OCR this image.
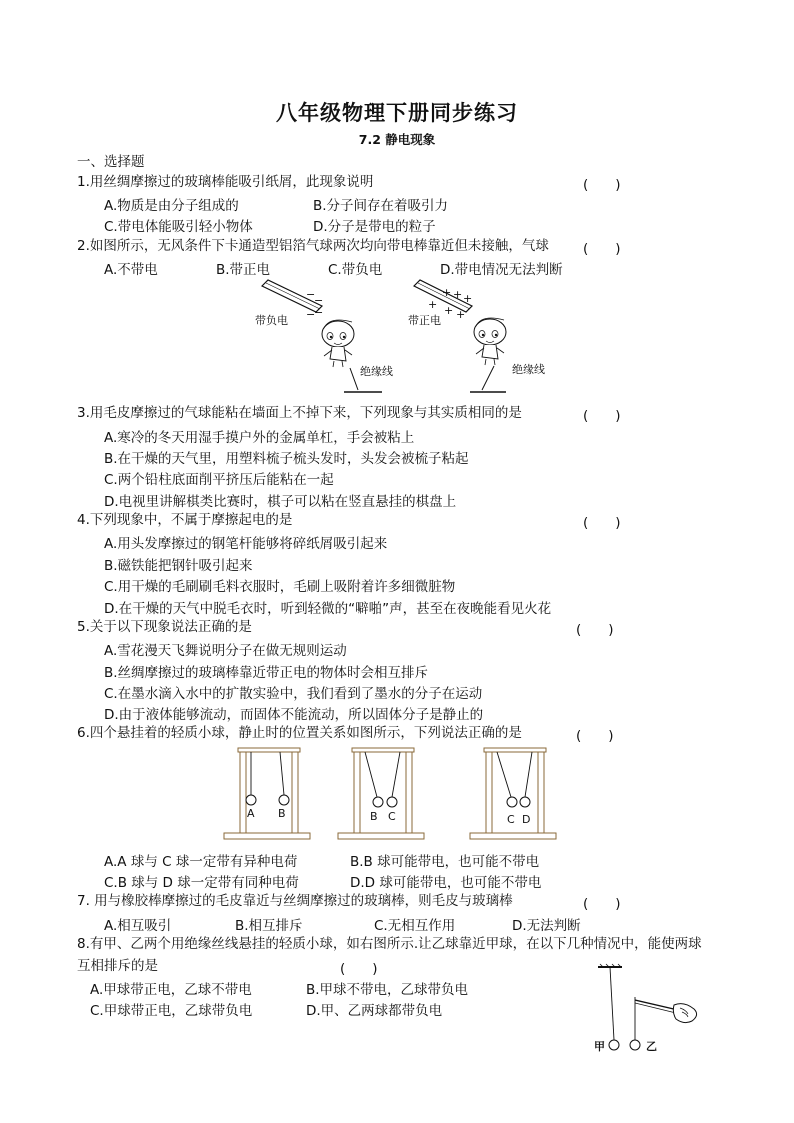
八年级物理下册同步练习
7.2 静电现象
一、选择题
1.用丝绸摩擦过的玻璃棒能吸引纸屑，此现象说明	(　　)
A.物质是由分子组成的	B.分子间存在着吸引力
C.带电体能吸引轻小物体	D.分子是带电的粒子
2.如图所示，无风条件下卡通造型铝箔气球两次均向带电棒靠近但未接触，气球	(　　)
A.不带电	B.带正电	C.带负电	D.带电情况无法判断
−
−
−
−
带负电
绝缘线
+ + +
+ + +
带正电
绝缘线
3.用毛皮摩擦过的气球能粘在墙面上不掉下来，下列现象与其实质相同的是	(　　)
A.寒冷的冬天用湿手摸户外的金属单杠，手会被粘上
B.在干燥的天气里，用塑料梳子梳头发时，头发会被梳子粘起
C.两个铅柱底面削平挤压后能粘在一起
D.电视里讲解棋类比赛时，棋子可以粘在竖直悬挂的棋盘上
4.下列现象中，不属于摩擦起电的是	(　　)
A.用头发摩擦过的钢笔杆能够将碎纸屑吸引起来
B.磁铁能把钢针吸引起来
C.用干燥的毛刷刷毛料衣服时，毛刷上吸附着许多细微脏物
D.在干燥的天气中脱毛衣时，听到轻微的“噼啪”声，甚至在夜晚能看见火花
5.关于以下现象说法正确的是	(　　)
A.雪花漫天飞舞说明分子在做无规则运动
B.丝绸摩擦过的玻璃棒靠近带正电的物体时会相互排斥
C.在墨水滴入水中的扩散实验中，我们看到了墨水的分子在运动
D.由于液体能够流动，而固体不能流动，所以固体分子是静止的
6.四个悬挂着的轻质小球，静止时的位置关系如图所示，下列说法正确的是	(　　)
A B	B C	C D
A.A 球与 C 球一定带有异种电荷	B.B 球可能带电，也可能不带电
C.B 球与 D 球一定带有同种电荷	D.D 球可能带电，也可能不带电
7. 用与橡胶棒摩擦过的毛皮靠近与丝绸摩擦过的玻璃棒，则毛皮与玻璃棒	(　　)
A.相互吸引	B.相互排斥	C.无相互作用	D.无法判断
8.有甲、乙两个用绝缘丝线悬挂的轻质小球，如右图所示.让乙球靠近甲球，在以下几种情况中，能使两球
互相排斥的是	(　　)
A.甲球带正电，乙球不带电	B.甲球不带电，乙球带负电
C.甲球带正电，乙球带负电	D.甲、乙两球都带负电
甲	乙
